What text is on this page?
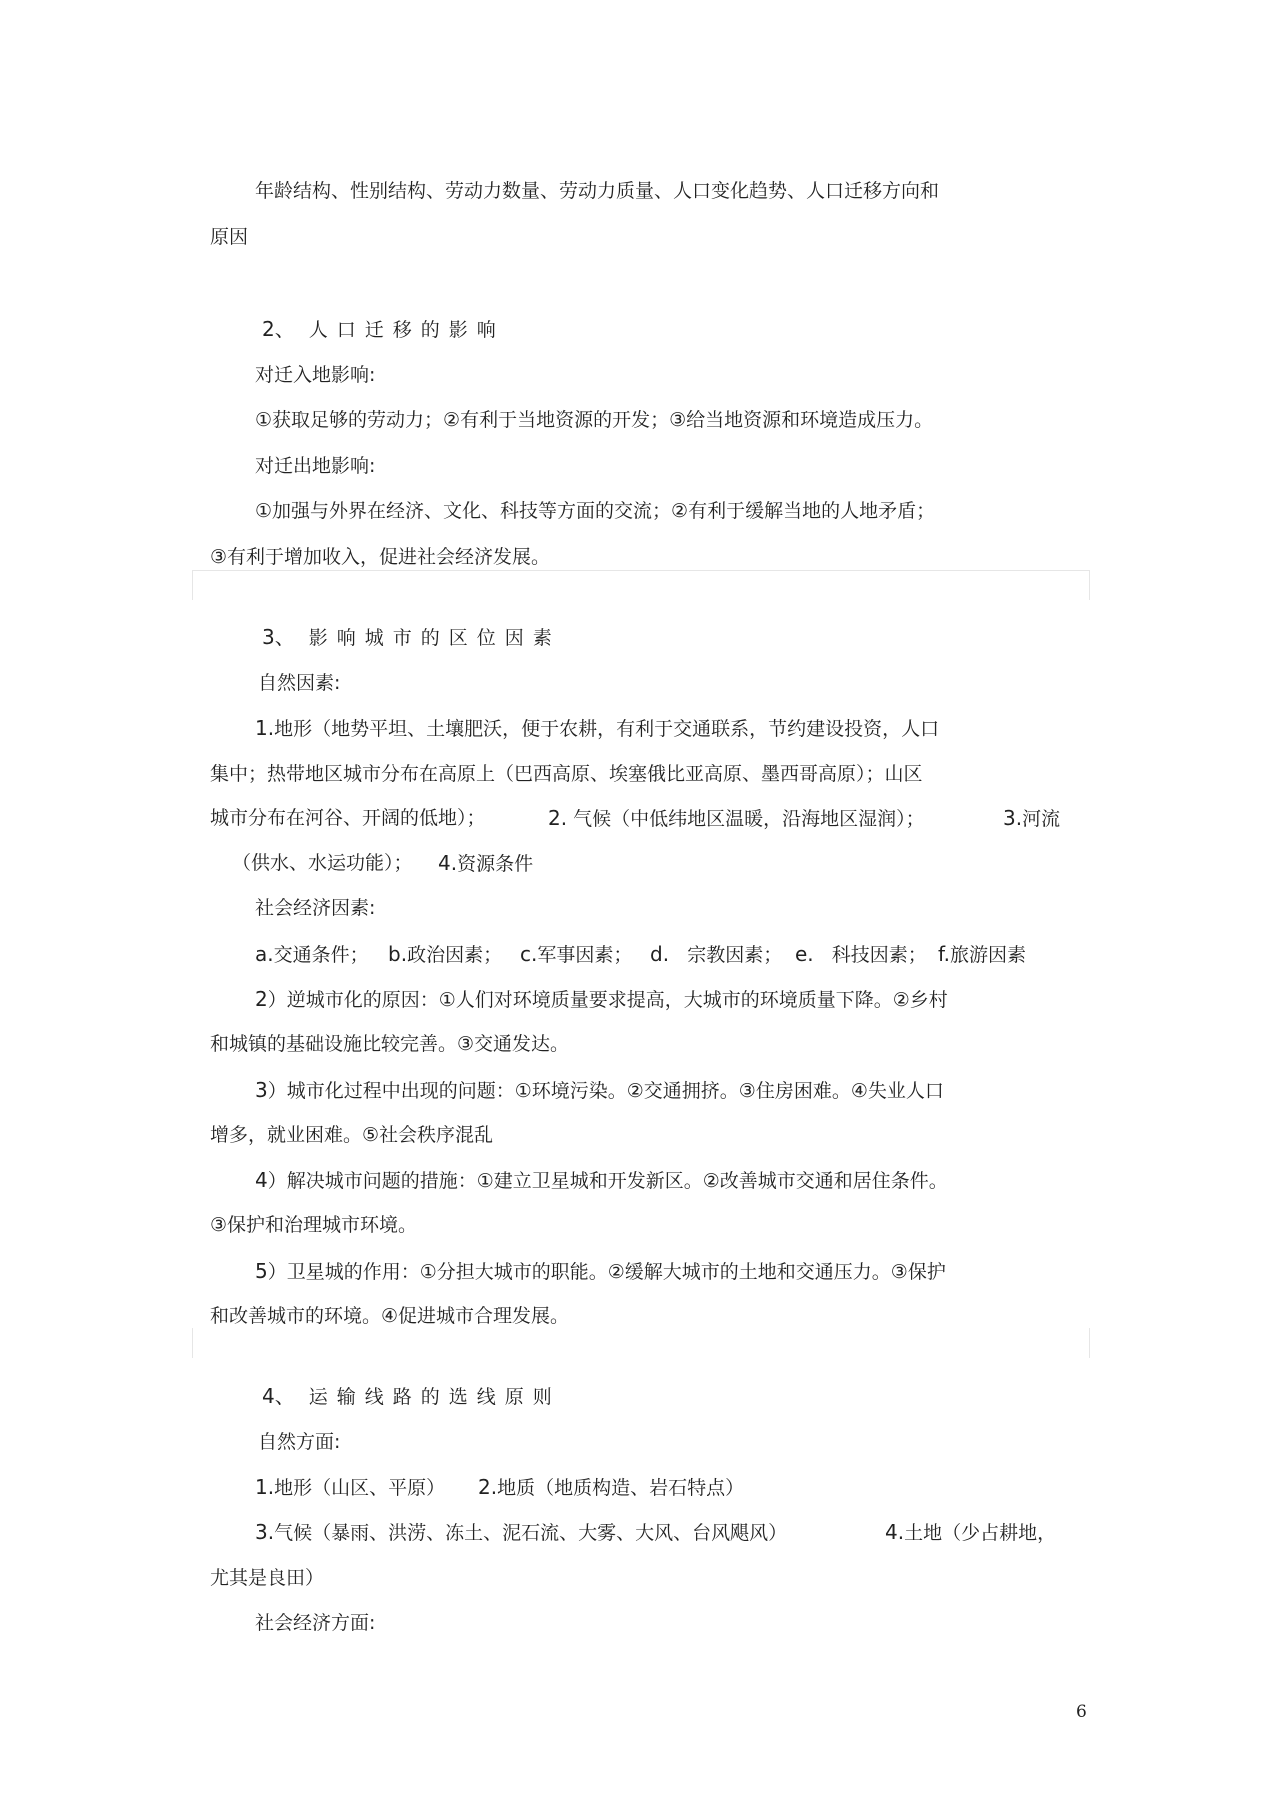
年龄结构、性别结构、劳动力数量、劳动力质量、人口变化趋势、人口迁移方向和
原因
2、 人口迁移的影响
对迁入地影响:
①获取足够的劳动力；②有利于当地资源的开发；③给当地资源和环境造成压力。
对迁出地影响:
①加强与外界在经济、文化、科技等方面的交流；②有利于缓解当地的人地矛盾；
③有利于增加收入，促进社会经济发展。
3、 影响城市的区位因素
自然因素:
1.地形（地势平坦、土壤肥沃，便于农耕，有利于交通联系，节约建设投资，人口
集中；热带地区城市分布在高原上（巴西高原、埃塞俄比亚高原、墨西哥高原）；山区
城市分布在河谷、开阔的低地）；	2. 气候（中低纬地区温暖，沿海地区湿润）；	3.河流
（供水、水运功能）； 4.资源条件
社会经济因素:
a.交通条件； b.政治因素； c.军事因素； d. 宗教因素； e. 科技因素； f.旅游因素
2）逆城市化的原因：①人们对环境质量要求提高，大城市的环境质量下降。②乡村
和城镇的基础设施比较完善。③交通发达。
3）城市化过程中出现的问题：①环境污染。②交通拥挤。③住房困难。④失业人口
增多，就业困难。⑤社会秩序混乱
4）解决城市问题的措施：①建立卫星城和开发新区。②改善城市交通和居住条件。
③保护和治理城市环境。
5）卫星城的作用：①分担大城市的职能。②缓解大城市的土地和交通压力。③保护
和改善城市的环境。④促进城市合理发展。
4、 运输线路的选线原则
自然方面:
1.地形（山区、平原） 2.地质（地质构造、岩石特点）
3.气候（暴雨、洪涝、冻土、泥石流、大雾、大风、台风飓风）	4.土地（少占耕地，
尤其是良田）
社会经济方面:
6
